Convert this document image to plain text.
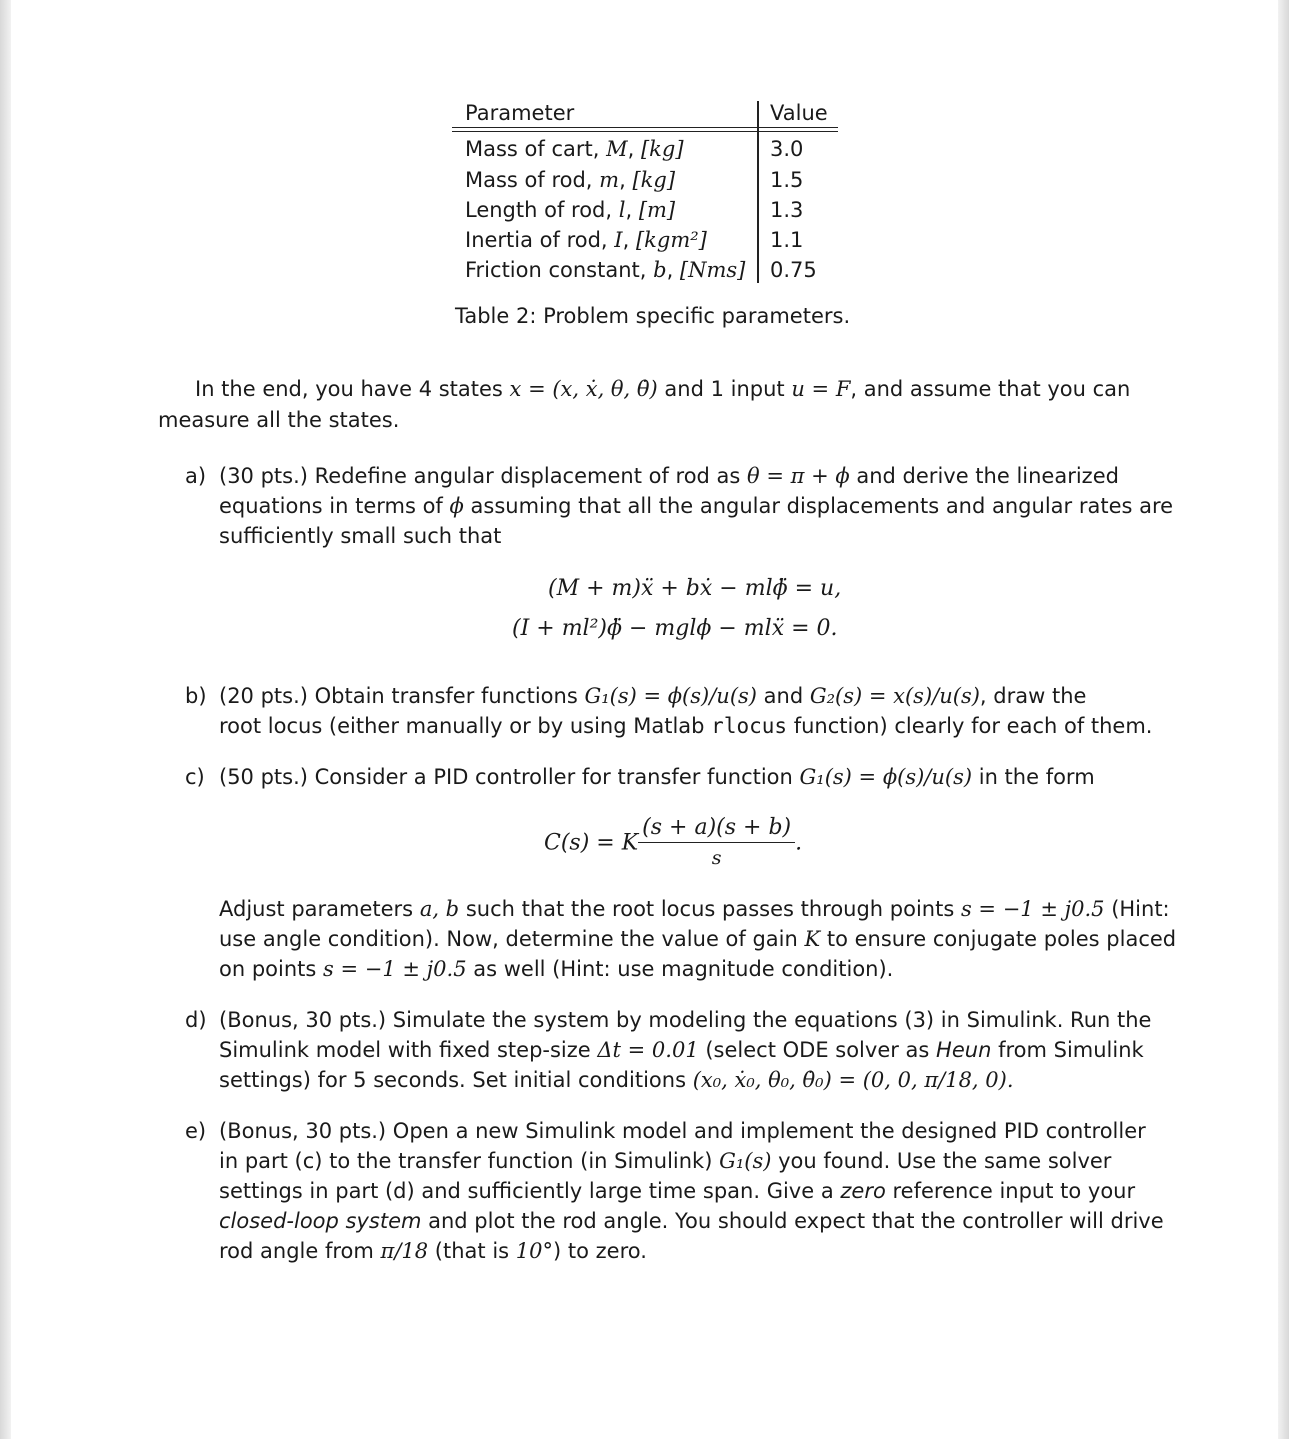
Parameter	Value
Mass of cart, M, [kg]	3.0
Mass of rod, m, [kg]	1.5
Length of rod, l, [m]	1.3
Inertia of rod, I, [kgm²]	1.1
Friction constant, b, [Nms] 0.75
Table 2: Problem specific parameters.
In the end, you have 4 states x = (x, ẋ, θ, θ̇) and 1 input u = F, and assume that you can
measure all the states.
a) (30 pts.) Redefine angular displacement of rod as θ = π + ϕ and derive the linearized
equations in terms of ϕ assuming that all the angular displacements and angular rates are
sufficiently small such that
(M + m)ẍ + bẋ − mlϕ̈ = u,
(I + ml²)ϕ̈ − mglϕ − mlẍ = 0.
b) (20 pts.) Obtain transfer functions G₁(s) = ϕ(s)/u(s) and G₂(s) = x(s)/u(s), draw the
root locus (either manually or by using Matlab rlocus function) clearly for each of them.
c) (50 pts.) Consider a PID controller for transfer function G₁(s) = ϕ(s)/u(s) in the form
C(s) = K $\frac{(s + a)(s + b)}{s}$ .
Adjust parameters a, b such that the root locus passes through points s = −1 ± j0.5 (Hint:
use angle condition). Now, determine the value of gain K to ensure conjugate poles placed
on points s = −1 ± j0.5 as well (Hint: use magnitude condition).
d) (Bonus, 30 pts.) Simulate the system by modeling the equations (3) in Simulink. Run the
Simulink model with fixed step-size Δt = 0.01 (select ODE solver as Heun from Simulink
settings) for 5 seconds. Set initial conditions (x₀, ẋ₀, θ₀, θ̇₀) = (0, 0, π/18, 0).
e) (Bonus, 30 pts.) Open a new Simulink model and implement the designed PID controller
in part (c) to the transfer function (in Simulink) G₁(s) you found. Use the same solver
settings in part (d) and sufficiently large time span. Give a zero reference input to your
closed-loop system and plot the rod angle. You should expect that the controller will drive
rod angle from π/18 (that is 10°) to zero.
